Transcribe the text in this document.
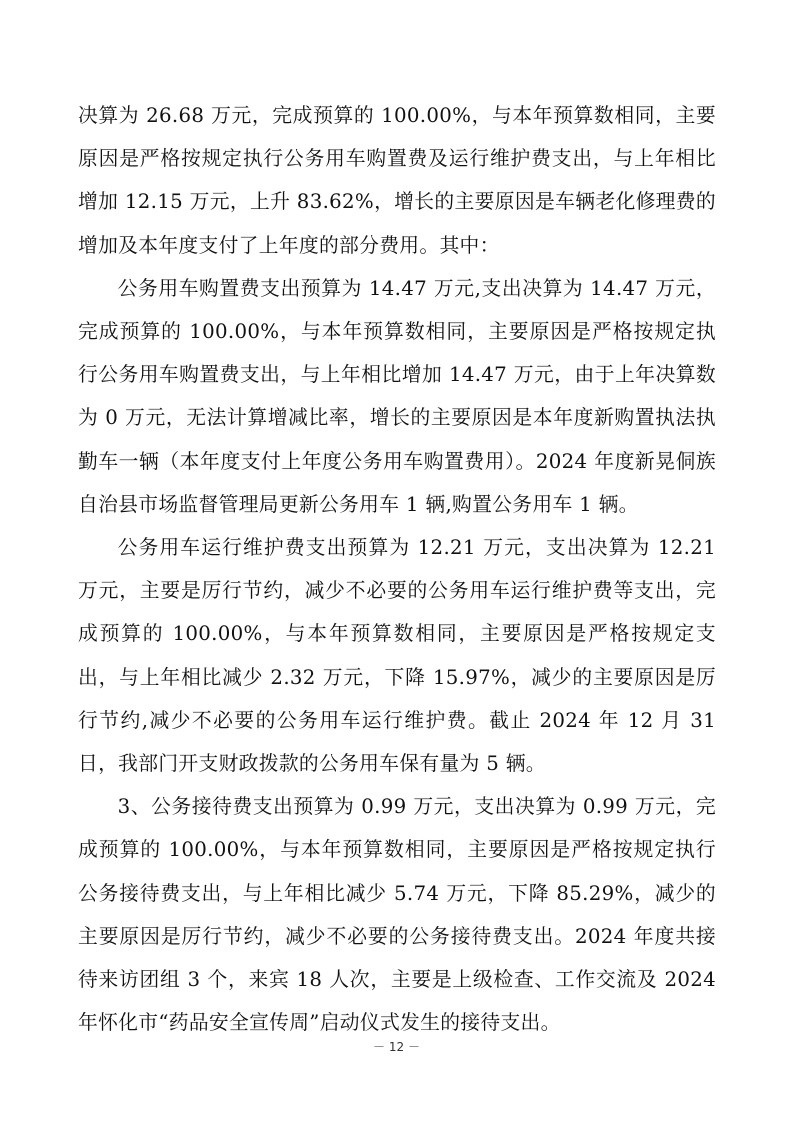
决算为 26.68 万元，完成预算的 100.00%，与本年预算数相同，主要原因是严格按规定执行公务用车购置费及运行维护费支出，与上年相比增加 12.15 万元，上升 83.62%，增长的主要原因是车辆老化修理费的增加及本年度支付了上年度的部分费用。其中：

公务用车购置费支出预算为 14.47 万元,支出决算为 14.47 万元，完成预算的 100.00%，与本年预算数相同，主要原因是严格按规定执行公务用车购置费支出，与上年相比增加 14.47 万元，由于上年决算数为 0 万元，无法计算增减比率，增长的主要原因是本年度新购置执法执勤车一辆（本年度支付上年度公务用车购置费用）。2024 年度新晃侗族自治县市场监督管理局更新公务用车 1 辆,购置公务用车 1 辆。

公务用车运行维护费支出预算为 12.21 万元，支出决算为 12.21 万元，主要是厉行节约，减少不必要的公务用车运行维护费等支出，完成预算的 100.00%，与本年预算数相同，主要原因是严格按规定支出，与上年相比减少 2.32 万元，下降 15.97%，减少的主要原因是厉行节约,减少不必要的公务用车运行维护费。截止 2024 年 12 月 31 日，我部门开支财政拨款的公务用车保有量为 5 辆。

3、公务接待费支出预算为 0.99 万元，支出决算为 0.99 万元，完成预算的 100.00%，与本年预算数相同，主要原因是严格按规定执行公务接待费支出，与上年相比减少 5.74 万元，下降 85.29%，减少的主要原因是厉行节约，减少不必要的公务接待费支出。2024 年度共接待来访团组 3 个，来宾 18 人次，主要是上级检查、工作交流及 2024 年怀化市“药品安全宣传周”启动仪式发生的接待支出。

－ 12 －
